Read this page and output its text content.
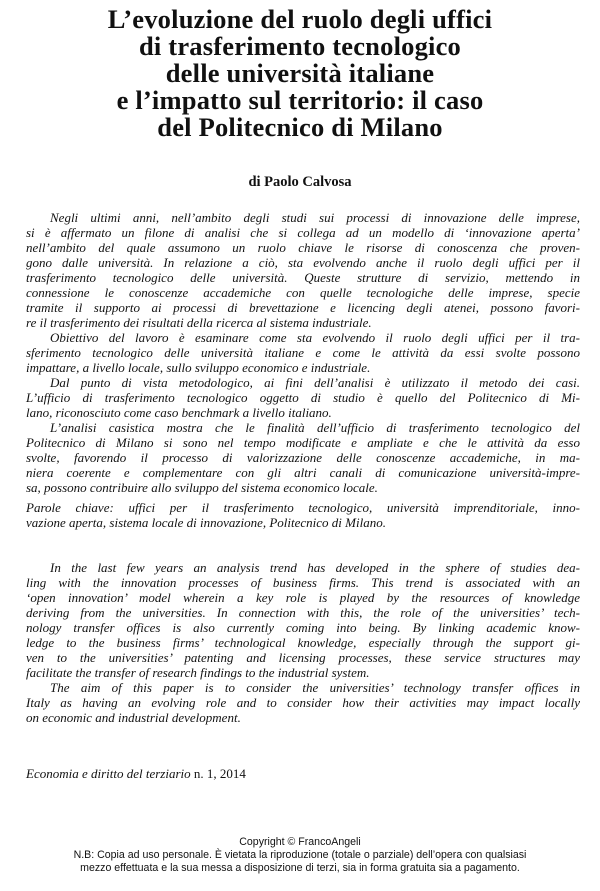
L’evoluzione del ruolo degli uffici
di trasferimento tecnologico
delle università italiane
e l’impatto sul territorio: il caso
del Politecnico di Milano
di Paolo Calvosa
Negli ultimi anni, nell’ambito degli studi sui processi di innovazione delle imprese,
si è affermato un filone di analisi che si collega ad un modello di ‘innovazione aperta’
nell’ambito del quale assumono un ruolo chiave le risorse di conoscenza che proven-
gono dalle università. In relazione a ciò, sta evolvendo anche il ruolo degli uffici per il
trasferimento tecnologico delle università. Queste strutture di servizio, mettendo in
connessione le conoscenze accademiche con quelle tecnologiche delle imprese, specie
tramite il supporto ai processi di brevettazione e licencing degli atenei, possono favori-
re il trasferimento dei risultati della ricerca al sistema industriale.
Obiettivo del lavoro è esaminare come sta evolvendo il ruolo degli uffici per il tra-
sferimento tecnologico delle università italiane e come le attività da essi svolte possono
impattare, a livello locale, sullo sviluppo economico e industriale.
Dal punto di vista metodologico, ai fini dell’analisi è utilizzato il metodo dei casi.
L’ufficio di trasferimento tecnologico oggetto di studio è quello del Politecnico di Mi-
lano, riconosciuto come caso benchmark a livello italiano.
L’analisi casistica mostra che le finalità dell’ufficio di trasferimento tecnologico del
Politecnico di Milano si sono nel tempo modificate e ampliate e che le attività da esso
svolte, favorendo il processo di valorizzazione delle conoscenze accademiche, in ma-
niera coerente e complementare con gli altri canali di comunicazione università-impre-
sa, possono contribuire allo sviluppo del sistema economico locale.
Parole chiave: uffici per il trasferimento tecnologico, università imprenditoriale, inno-
vazione aperta, sistema locale di innovazione, Politecnico di Milano.
In the last few years an analysis trend has developed in the sphere of studies dea-
ling with the innovation processes of business firms. This trend is associated with an
‘open innovation’ model wherein a key role is played by the resources of knowledge
deriving from the universities. In connection with this, the role of the universities’ tech-
nology transfer offices is also currently coming into being. By linking academic know-
ledge to the business firms’ technological knowledge, especially through the support gi-
ven to the universities’ patenting and licensing processes, these service structures may
facilitate the transfer of research findings to the industrial system.
The aim of this paper is to consider the universities’ technology transfer offices in
Italy as having an evolving role and to consider how their activities may impact locally
on economic and industrial development.
Economia e diritto del terziario n. 1, 2014
Copyright © FrancoAngeli
N.B: Copia ad uso personale. È vietata la riproduzione (totale o parziale) dell’opera con qualsiasi
mezzo effettuata e la sua messa a disposizione di terzi, sia in forma gratuita sia a pagamento.
